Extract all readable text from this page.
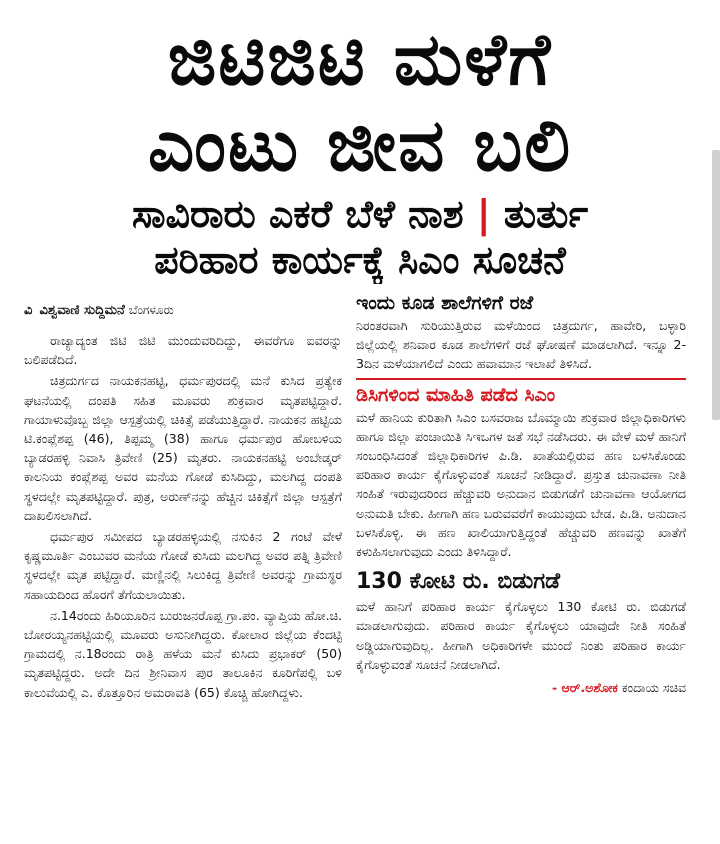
ಜಿಟಿಜಿಟಿ ಮಳೆಗೆ
ಎಂಟು ಜೀವ ಬಲಿ
ಸಾವಿರಾರು ಎಕರೆ ಬೆಳೆ ನಾಶ | ತುರ್ತು
ಪರಿಹಾರ ಕಾರ್ಯಕ್ಕೆ ಸಿಎಂ ಸೂಚನೆ
ವಿ ವಿಶ್ವವಾಣಿ ಸುದ್ದಿಮನೆ ಬೆಂಗಳೂರು

ರಾಜ್ಯಾದ್ಯಂತ ಜಿಟಿ ಜಿಟಿ ಮುಂದುವರಿದಿದ್ದು, ಈವರೆಗೂ ಐವರನ್ನು ಬಲಿಪಡೆದಿದೆ.

ಚಿತ್ರದುರ್ಗದ ನಾಯಕನಹಟ್ಟಿ, ಧರ್ಮಪುರದಲ್ಲಿ ಮನೆ ಕುಸಿದ ಪ್ರತ್ಯೇಕ ಘಟನೆಯಲ್ಲಿ ದಂಪತಿ ಸಹಿತ ಮೂವರು ಶುಕ್ರವಾರ ಮೃತಪಟ್ಟಿದ್ದಾರೆ. ಗಾಯಾಳುವೊಬ್ಬ ಜಿಲ್ಲಾ ಆಸ್ಪತ್ರೆಯಲ್ಲಿ ಚಿಕಿತ್ಸೆ ಪಡೆಯುತ್ತಿದ್ದಾರೆ. ನಾಯಕನ ಹಟ್ಟಿಯ ಟಿ.ಕಂಪ್ಲೆಶಪ್ಪ (46), ತಿಪ್ಪಮ್ಮ (38) ಹಾಗೂ ಧರ್ಮಪುರ ಹೋಬಳಿಯ ಬ್ಯಾಡರಹಳ್ಳಿ ನಿವಾಸಿ ತ್ರಿವೇಣಿ (25) ಮೃತರು. ನಾಯಕನಹಟ್ಟಿ ಅಂಬೇಡ್ಕರ್ ಕಾಲನಿಯ ಕಂಪ್ಲೆಶಪ್ಪ ಅವರ ಮನೆಯ ಗೋಡೆ ಕುಸಿದಿದ್ದು, ಮಲಗಿದ್ದ ದಂಪತಿ ಸ್ಥಳದಲ್ಲೇ ಮೃತಪಟ್ಟಿದ್ದಾರೆ. ಪುತ್ರ, ಅರುಣ್‌ನನ್ನು ಹೆಚ್ಚಿನ ಚಿಕಿತ್ಸೆಗೆ ಜಿಲ್ಲಾ ಆಸ್ಪತ್ರೆಗೆ ದಾಖಲಿಸಲಾಗಿದೆ.

ಧರ್ಮಪುರ ಸಮೀಪದ ಬ್ಯಾಡರಹಳ್ಳಿಯಲ್ಲಿ ನಸುಕಿನ 2 ಗಂಟೆ ವೇಳೆ ಕೃಷ್ಣಮೂರ್ತಿ ಎಂಬುವರ ಮನೆಯ ಗೋಡೆ ಕುಸಿದು ಮಲಗಿದ್ದ ಅವರ ಪತ್ನಿ ತ್ರಿವೇಣಿ ಸ್ಥಳದಲ್ಲೇ ಮೃತ ಪಟ್ಟಿದ್ದಾರೆ. ಮಣ್ಣಿನಲ್ಲಿ ಸಿಲುಕಿದ್ದ ತ್ರಿವೇಣಿ ಅವರನ್ನು ಗ್ರಾಮಸ್ಥರ ಸಹಾಯದಿಂದ ಹೊರಗೆ ತೆಗೆಯಲಾಯಿತು.

ನ.14ರಂದು ಹಿರಿಯೂರಿನ ಬುರುಜನರೊಪ್ಪ ಗ್ರಾ.ಪಂ. ವ್ಯಾಪ್ತಿಯ ಹೋ.ಚಿ. ಬೋರಯ್ಯನಹಟ್ಟಿಯಲ್ಲಿ ಮೂವರು ಅಸುನೀಗಿದ್ದರು. ಕೋಲಾರ ಜಿಲ್ಲೆಯ ಕೆಂದಟ್ಟಿ ಗ್ರಾಮದಲ್ಲಿ ನ.18ರಂದು ರಾತ್ರಿ ಹಳೆಯ ಮನೆ ಕುಸಿದು ಪ್ರಭಾಕರ್ (50) ಮೃತಪಟ್ಟಿದ್ದರು. ಅದೇ ದಿನ ಶ್ರೀನಿವಾಸ ಪುರ ತಾಲೂಕಿನ ಕೂರಿಗೆಪಲ್ಲಿ ಬಳಿ ಕಾಲುವೆಯಲ್ಲಿ ಎ. ಕೊತ್ತೂರಿನ ಅಮರಾವತಿ (65) ಕೊಚ್ಚಿ ಹೋಗಿದ್ದಳು.

ಇಂದು ಕೂಡ ಶಾಲೆಗಳಿಗೆ ರಜೆ

ನಿರಂತರವಾಗಿ ಸುರಿಯುತ್ತಿರುವ ಮಳೆಯಿಂದ ಚಿತ್ರದುರ್ಗ, ಹಾವೇರಿ, ಬಳ್ಳಾರಿ ಜಿಲ್ಲೆಯಲ್ಲಿ ಶನಿವಾರ ಕೂಡ ಶಾಲೆಗಳಿಗೆ ರಜೆ ಘೋಷಣೆ ಮಾಡಲಾಗಿದೆ. ಇನ್ನೂ 2-3ದಿನ ಮಳೆಯಾಗಲಿದೆ ಎಂದು ಹವಾಮಾನ ಇಲಾಖೆ ತಿಳಿಸಿದೆ.

ಡಿಸಿಗಳಿಂದ ಮಾಹಿತಿ ಪಡೆದ ಸಿಎಂ

ಮಳೆ ಹಾನಿಯ ಕುರಿತಾಗಿ ಸಿಎಂ ಬಸವರಾಜ ಬೊಮ್ಮಾಯಿ ಶುಕ್ರವಾರ ಜಿಲ್ಲಾಧಿಕಾರಿಗಳು ಹಾಗೂ ಜಿಲ್ಲಾ ಪಂಚಾಯಿತಿ ಸಿಇಒಗಳ ಜತೆ ಸಭೆ ನಡೆಸಿದರು. ಈ ವೇಳೆ ಮಳೆ ಹಾನಿಗೆ ಸಂಬಂಧಿಸಿದಂತೆ ಜಿಲ್ಲಾಧಿಕಾರಿಗಳ ಪಿ.ಡಿ. ಖಾತೆಯಲ್ಲಿರುವ ಹಣ ಬಳಸಿಕೊಂಡು ಪರಿಹಾರ ಕಾರ್ಯ ಕೈಗೊಳ್ಳುವಂತೆ ಸೂಚನೆ ನೀಡಿದ್ದಾರೆ. ಪ್ರಸ್ತುತ ಚುನಾವಣಾ ನೀತಿ ಸಂಹಿತೆ ಇರುವುದರಿಂದ ಹೆಚ್ಚುವರಿ ಅನುದಾನ ಬಿಡುಗಡೆಗೆ ಚುನಾವಣಾ ಆಯೋಗದ ಅನುಮತಿ ಬೇಕು. ಹೀಗಾಗಿ ಹಣ ಬರುವವರೆಗೆ ಕಾಯುವುದು ಬೇಡ. ಪಿ.ಡಿ. ಅನುದಾನ ಬಳಸಿಕೊಳ್ಳಿ. ಈ ಹಣ ಖಾಲಿಯಾಗುತ್ತಿದ್ದಂತೆ ಹೆಚ್ಚುವರಿ ಹಣವನ್ನು ಖಾತೆಗೆ ಕಳುಹಿಸಲಾಗುವುದು ಎಂದು ತಿಳಿಸಿದ್ದಾರೆ.

130 ಕೋಟಿ ರು. ಬಿಡುಗಡೆ

ಮಳೆ ಹಾನಿಗೆ ಪರಿಹಾರ ಕಾರ್ಯ ಕೈಗೊಳ್ಳಲು 130 ಕೋಟಿ ರು. ಬಿಡುಗಡೆ ಮಾಡಲಾಗುವುದು. ಪರಿಹಾರ ಕಾರ್ಯ ಕೈಗೊಳ್ಳಲು ಯಾವುದೇ ನೀತಿ ಸಂಹಿತೆ ಅಡ್ಡಿಯಾಗುವುದಿಲ್ಲ. ಹೀಗಾಗಿ ಅಧಿಕಾರಿಗಳೇ ಮುಂದೆ ನಿಂತು ಪರಿಹಾರ ಕಾರ್ಯ ಕೈಗೊಳ್ಳುವಂತೆ ಸೂಚನೆ ನೀಡಲಾಗಿದೆ.

- ಆರ್.ಅಶೋಕ ಕಂದಾಯ ಸಚಿವ
